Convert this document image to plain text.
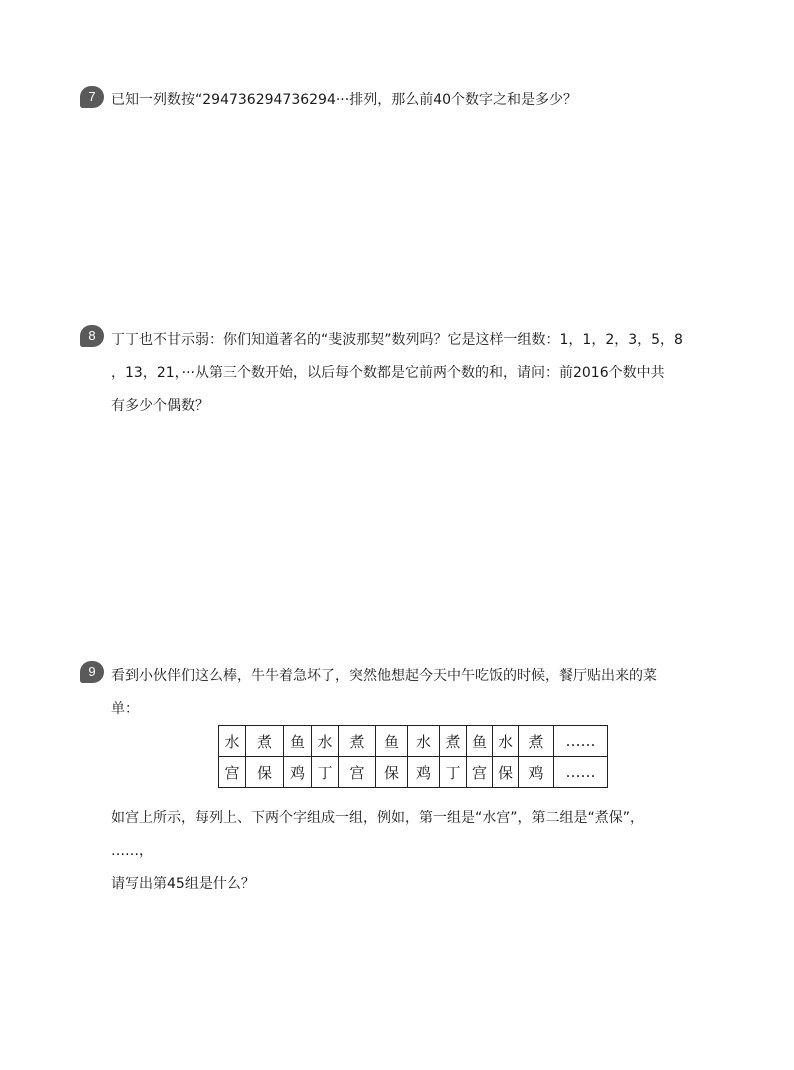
7	已知一列数按“294736294736294···排列，那么前40个数字之和是多少？
8	丁丁也不甘示弱：你们知道著名的“斐波那契”数列吗？它是这样一组数：1，1，2，3，5，8
，13，21，···从第三个数开始，以后每个数都是它前两个数的和，请问：前2016个数中共
有多少个偶数？
9	看到小伙伴们这么棒，牛牛着急坏了，突然他想起今天中午吃饭的时候，餐厅贴出来的菜
单：
水	煮	鱼	水	煮	鱼	水	煮	鱼	水	煮	……
宫	保	鸡	丁	宫	保	鸡	丁	宫	保	鸡	……
如宫上所示，每列上、下两个字组成一组，例如，第一组是“水宫”，第二组是“煮保”，
……，
请写出第45组是什么？
